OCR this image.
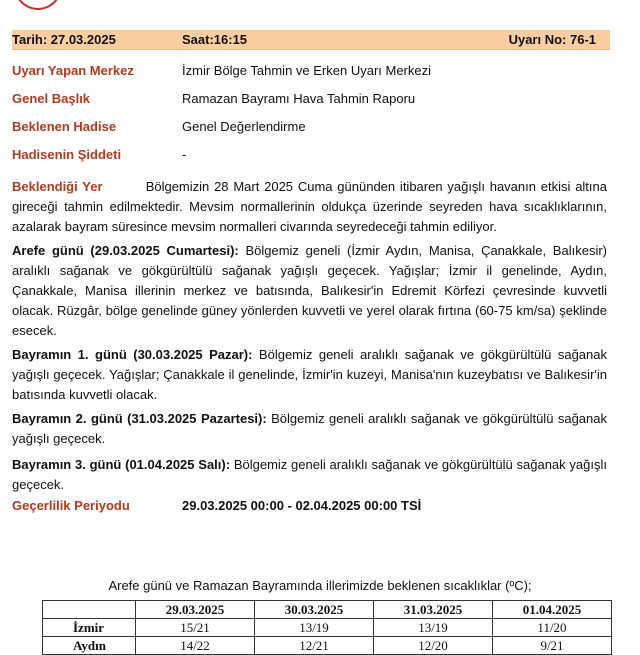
Tarih: 27.03.2025	Saat:16:15	Uyarı No: 76-1
Uyarı Yapan Merkez	İzmir Bölge Tahmin ve Erken Uyarı Merkezi
Genel Başlık	Ramazan Bayramı Hava Tahmin Raporu
Beklenen Hadise	Genel Değerlendirme
Hadisenin Şiddeti	-

Beklendiği Yer	Bölgemizin 28 Mart 2025 Cuma gününden itibaren yağışlı havanın etkisi altına gireceği tahmin edilmektedir. Mevsim normallerinin oldukça üzerinde seyreden hava sıcaklıklarının, azalarak bayram süresince mevsim normalleri civarında seyredeceği tahmin ediliyor.

Arefe günü (29.03.2025 Cumartesi): Bölgemiz geneli (İzmir Aydın, Manisa, Çanakkale, Balıkesir) aralıklı sağanak ve gökgürültülü sağanak yağışlı geçecek. Yağışlar; İzmir il genelinde, Aydın, Çanakkale, Manisa illerinin merkez ve batısında, Balıkesir'in Edremit Körfezi çevresinde kuvvetli olacak. Rüzgâr, bölge genelinde güney yönlerden kuvvetli ve yerel olarak fırtına (60-75 km/sa) şeklinde esecek.

Bayramın 1. günü (30.03.2025 Pazar): Bölgemiz geneli aralıklı sağanak ve gökgürültülü sağanak yağışlı geçecek. Yağışlar; Çanakkale il genelinde, İzmir'in kuzeyi, Manisa'nın kuzeybatısı ve Balıkesir'in batısında kuvvetli olacak.

Bayramın 2. günü (31.03.2025 Pazartesi): Bölgemiz geneli aralıklı sağanak ve gökgürültülü sağanak yağışlı geçecek.

Bayramın 3. günü (01.04.2025 Salı): Bölgemiz geneli aralıklı sağanak ve gökgürültülü sağanak yağışlı geçecek.

Geçerlilik Periyodu	29.03.2025 00:00 - 02.04.2025 00:00 TSİ
Arefe günü ve Ramazan Bayramında illerimizde beklenen sıcaklıklar (ºC);
	29.03.2025	30.03.2025	31.03.2025	01.04.2025
İzmir	15/21	13/19	13/19	11/20
Aydın	14/22	12/21	12/20	9/21
